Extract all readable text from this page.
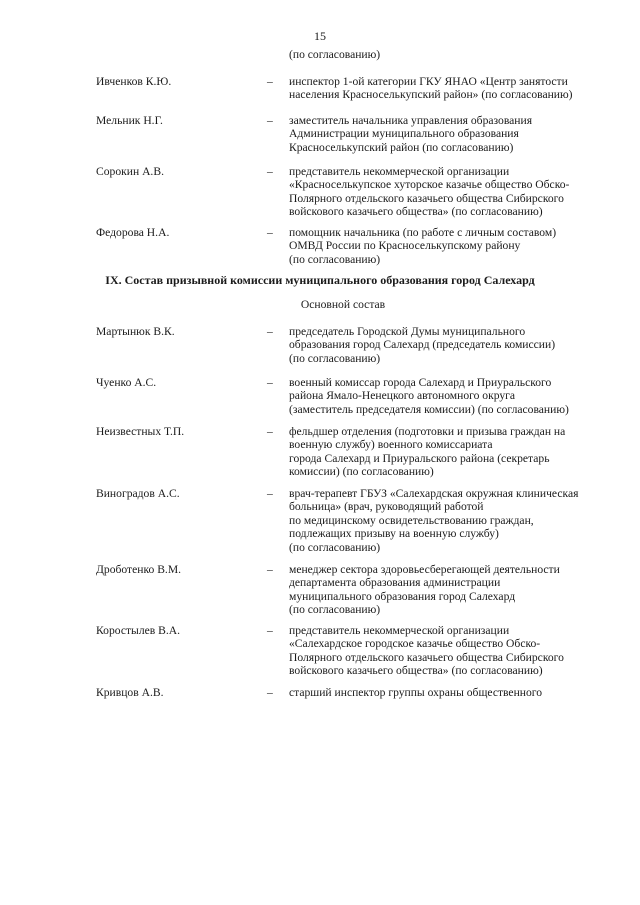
15
(по согласованию)
Ивченков К.Ю.	– инспектор 1-ой категории ГКУ ЯНАО «Центр занятости
населения Красноселькупский район» (по согласованию)
Мельник Н.Г.	– заместитель начальника управления образования
Администрации муниципального образования
Красноселькупский район (по согласованию)
Сорокин А.В.	– представитель некоммерческой организации
«Красноселькупское хуторское казачье общество Обско-
Полярного отдельского казачьего общества Сибирского
войскового казачьего общества» (по согласованию)
Федорова Н.А.	– помощник начальника (по работе с личным составом)
ОМВД России по Красноселькупскому району
(по согласованию)
IX. Состав призывной комиссии муниципального образования город Салехард
Основной состав
Мартынюк В.К.	– председатель Городской Думы муниципального
образования город Салехард (председатель комиссии)
(по согласованию)
Чуенко А.С.	– военный комиссар города Салехард и Приуральского
района Ямало-Ненецкого автономного округа
(заместитель председателя комиссии) (по согласованию)
Неизвестных Т.П.	– фельдшер отделения (подготовки и призыва граждан на
военную службу) военного комиссариата
города Салехард и Приуральского района (секретарь
комиссии) (по согласованию)
Виноградов А.С.	– врач-терапевт ГБУЗ «Салехардская окружная клиническая
больница» (врач, руководящий работой
по медицинскому освидетельствованию граждан,
подлежащих призыву на военную службу)
(по согласованию)
Дроботенко В.М.	– менеджер сектора здоровьесберегающей деятельности
департамента образования администрации
муниципального образования город Салехард
(по согласованию)
Коростылев В.А.	– представитель некоммерческой организации
«Салехардское городское казачье общество Обско-
Полярного отдельского казачьего общества Сибирского
войскового казачьего общества» (по согласованию)
Кривцов А.В.	– старший инспектор группы охраны общественного
